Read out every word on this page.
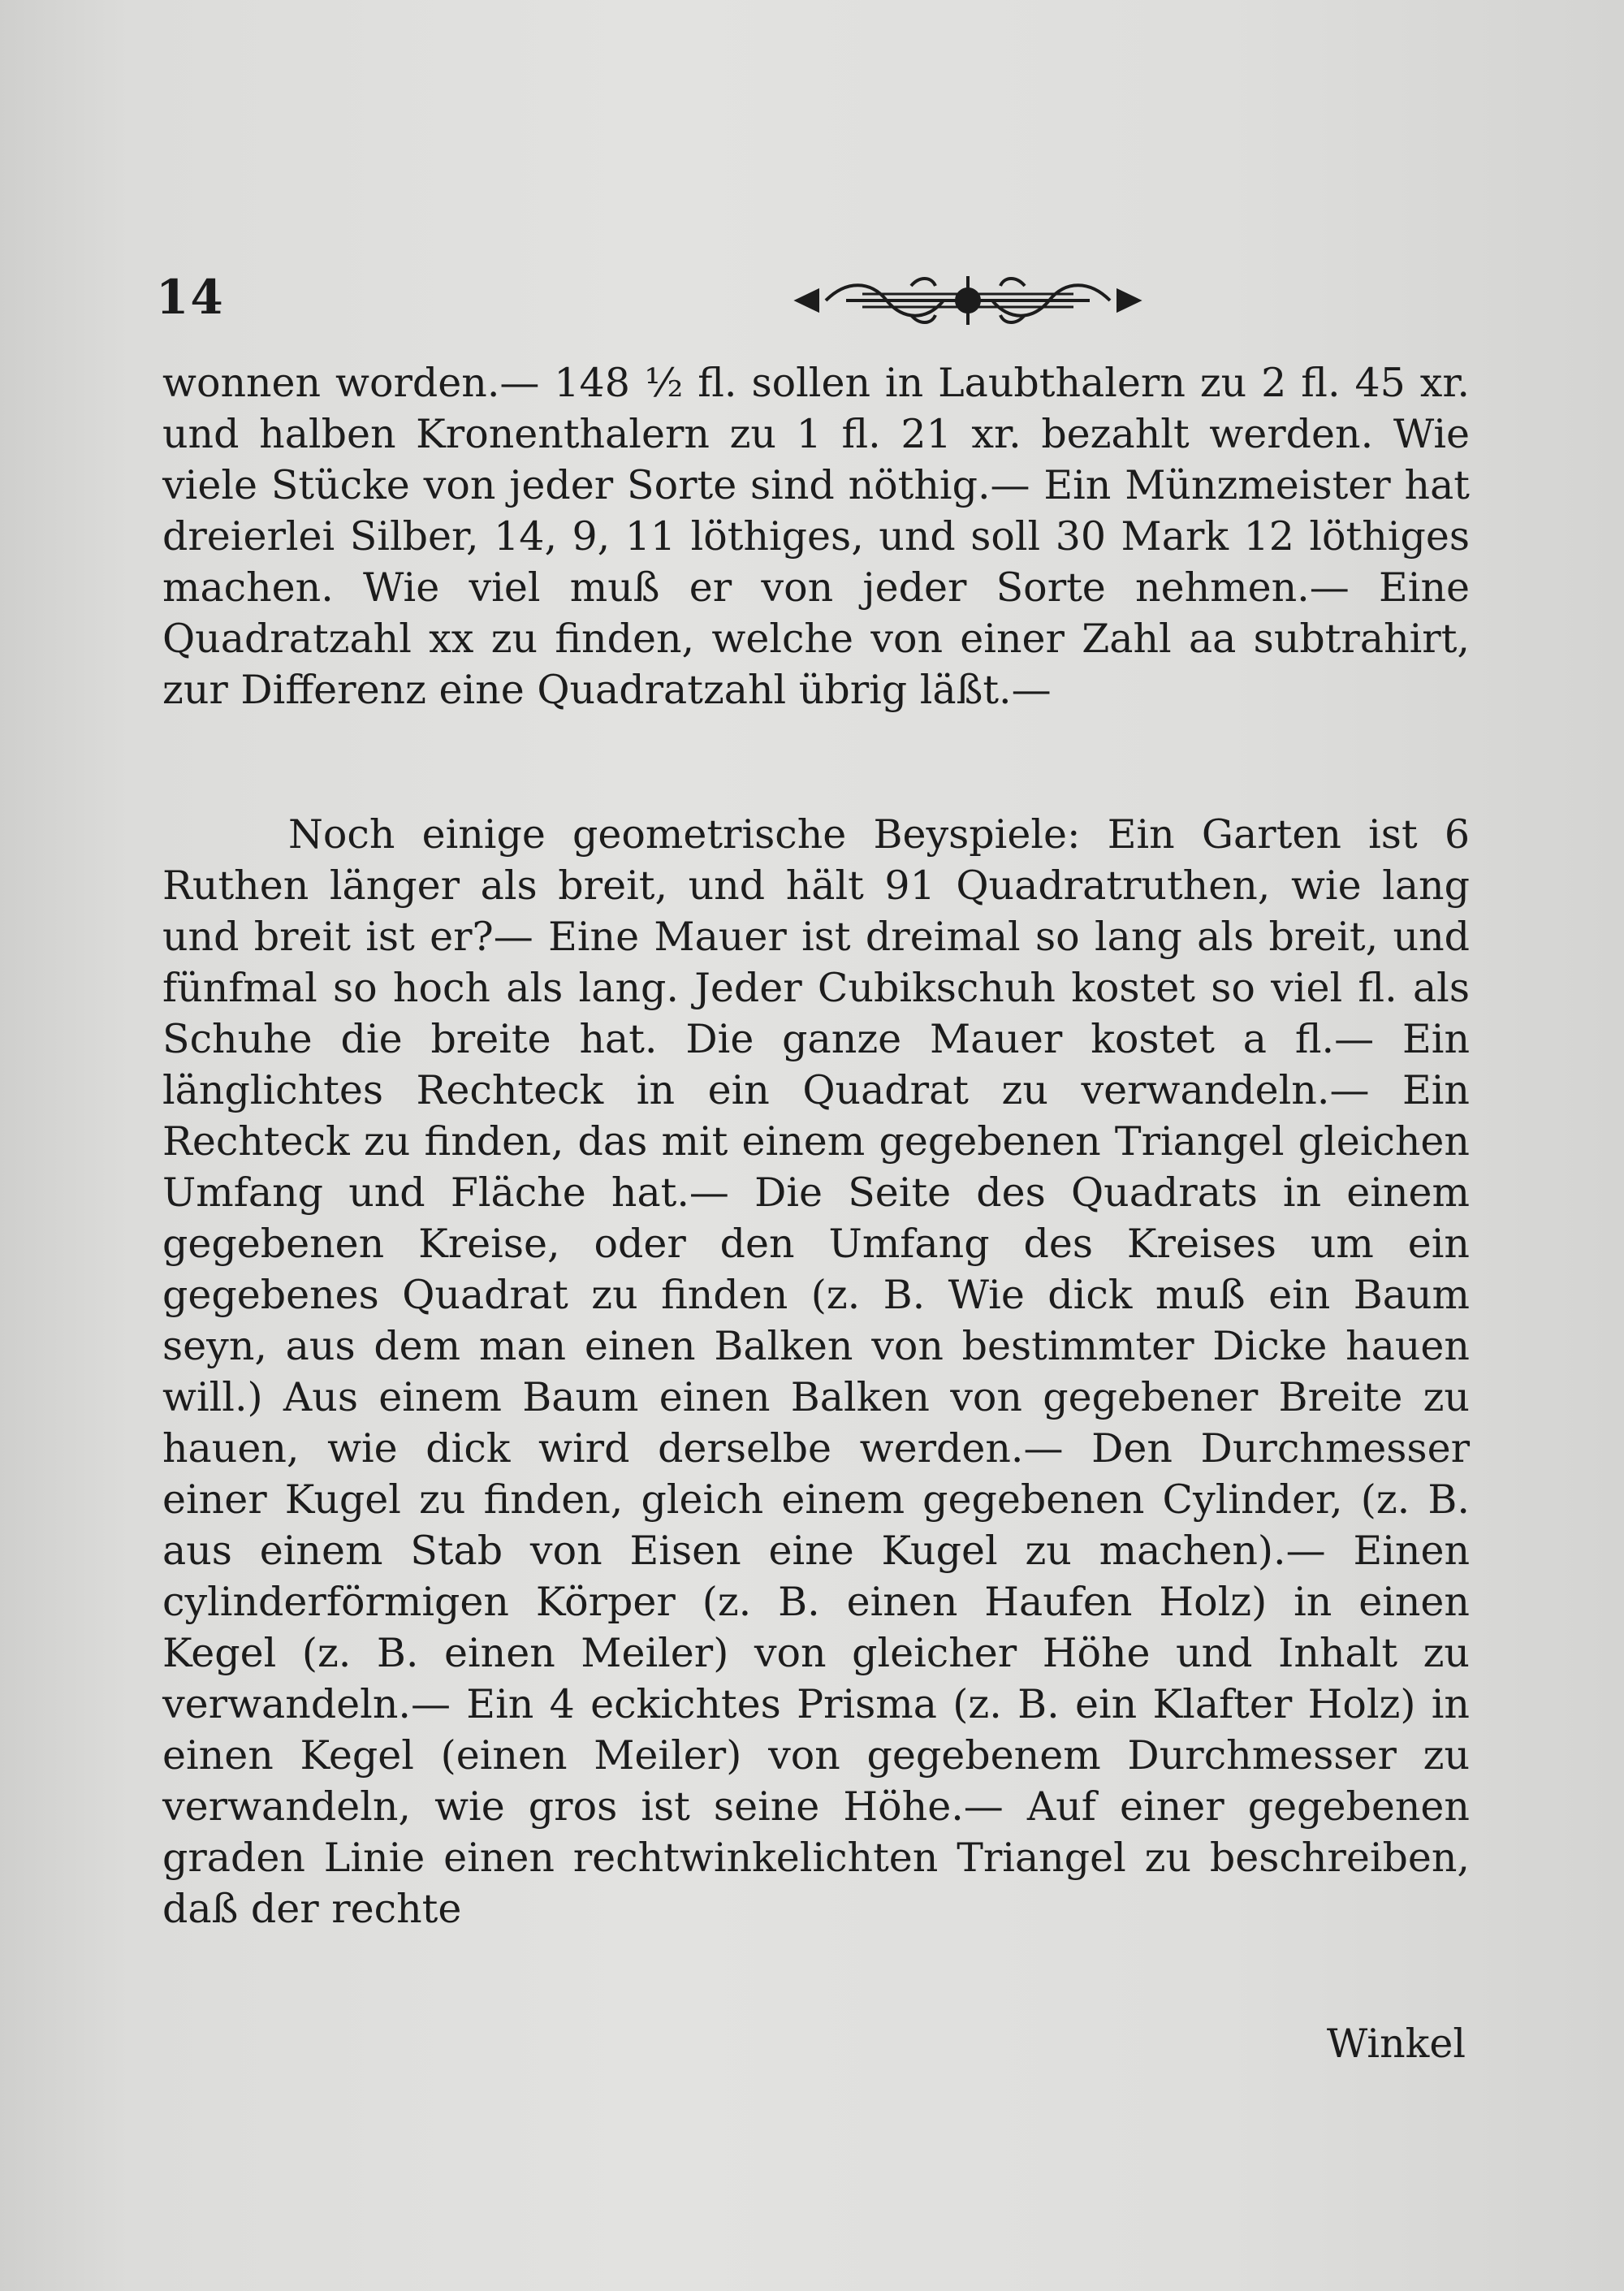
14

wonnen worden.— 148 ½ fl. sollen in Laubthalern zu 2 fl. 45 xr. und halben Kronenthalern zu 1 fl. 21 xr. bezahlt werden. Wie viele Stücke von jeder Sorte sind nöthig.— Ein Münzmeister hat dreierlei Silber, 14, 9, 11 löthiges, und soll 30 Mark 12 löthiges machen. Wie viel muß er von jeder Sorte nehmen.— Eine Quadratzahl xx zu finden, welche von einer Zahl aa subtrahirt, zur Differenz eine Quadratzahl übrig läßt.—

Noch einige geometrische Beyspiele: Ein Garten ist 6 Ruthen länger als breit, und hält 91 Quadratruthen, wie lang und breit ist er?— Eine Mauer ist dreimal so lang als breit, und fünfmal so hoch als lang. Jeder Cubikschuh kostet so viel fl. als Schuhe die breite hat. Die ganze Mauer kostet a fl.— Ein länglichtes Rechteck in ein Quadrat zu verwandeln.— Ein Rechteck zu finden, das mit einem gegebenen Triangel gleichen Umfang und Fläche hat.— Die Seite des Quadrats in einem gegebenen Kreise, oder den Umfang des Kreises um ein gegebenes Quadrat zu finden (z. B. Wie dick muß ein Baum seyn, aus dem man einen Balken von bestimmter Dicke hauen will.) Aus einem Baum einen Balken von gegebener Breite zu hauen, wie dick wird derselbe werden.— Den Durchmesser einer Kugel zu finden, gleich einem gegebenen Cylinder, (z. B. aus einem Stab von Eisen eine Kugel zu machen).— Einen cylinderförmigen Körper (z. B. einen Haufen Holz) in einen Kegel (z. B. einen Meiler) von gleicher Höhe und Inhalt zu verwandeln.— Ein 4 eckichtes Prisma (z. B. ein Klafter Holz) in einen Kegel (einen Meiler) von gegebenem Durchmesser zu verwandeln, wie gros ist seine Höhe.— Auf einer gegebenen graden Linie einen rechtwinkelichten Triangel zu beschreiben, daß der rechte

Winkel
